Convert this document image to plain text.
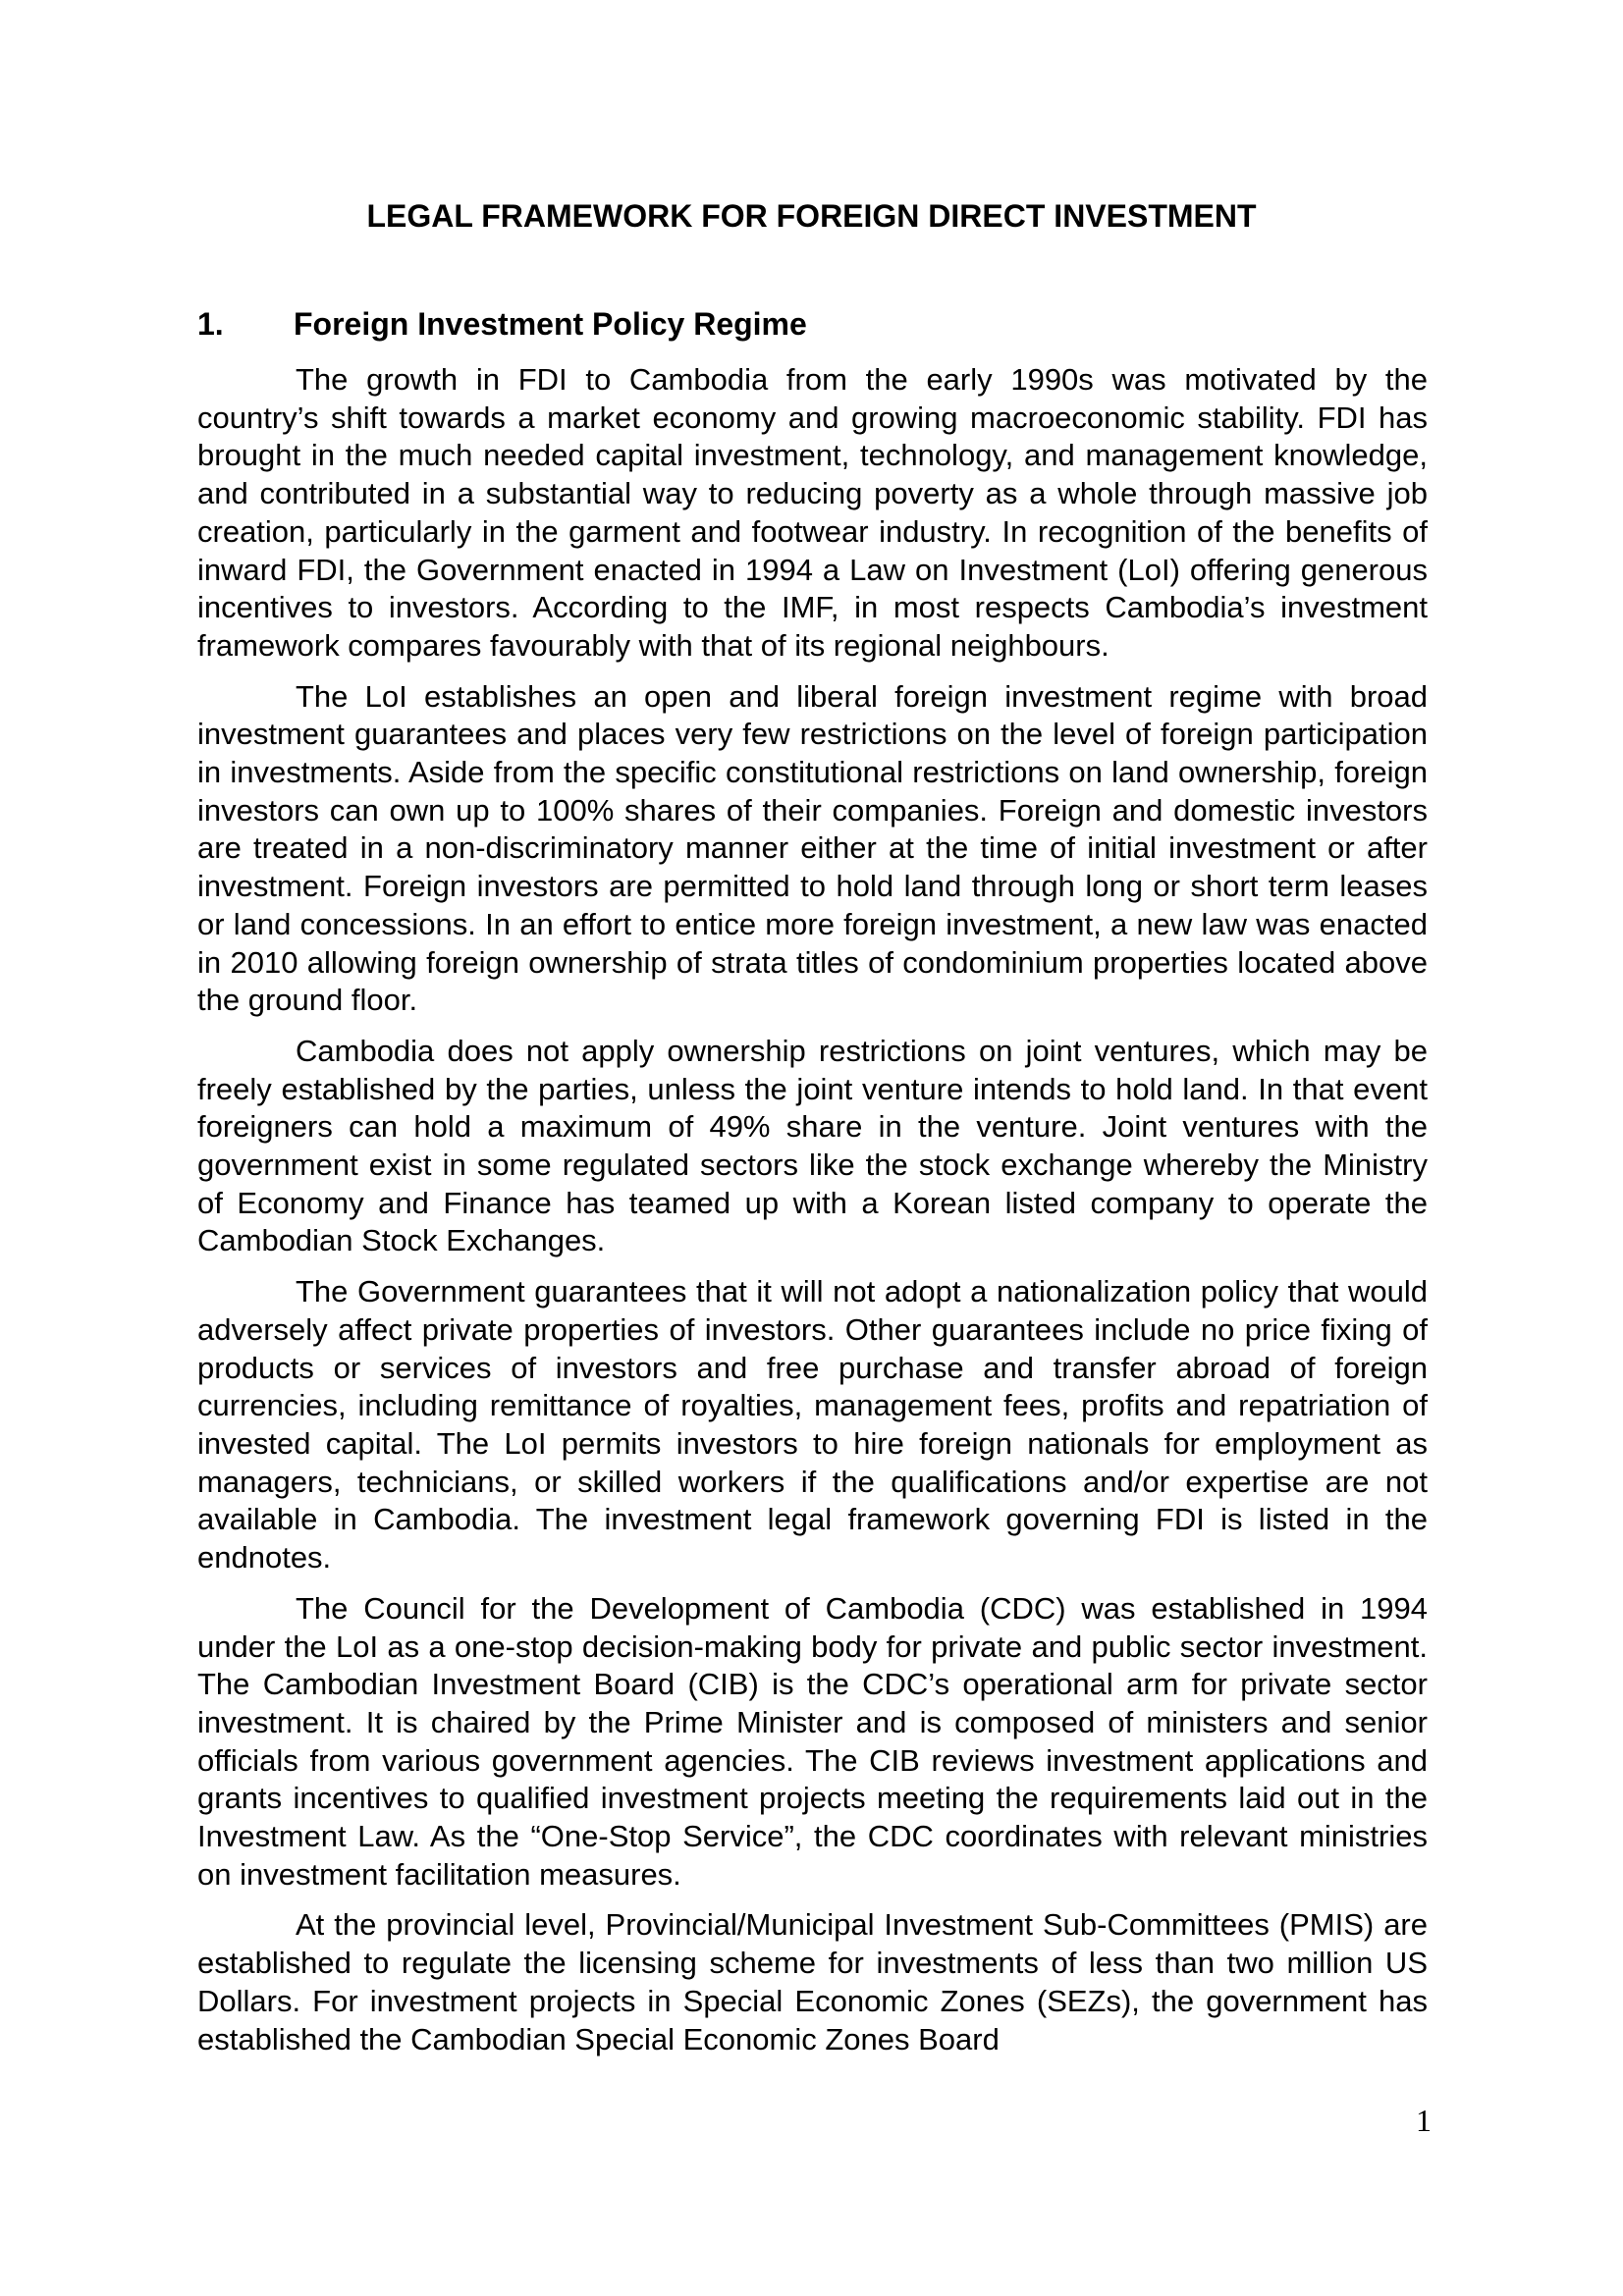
LEGAL FRAMEWORK FOR FOREIGN DIRECT INVESTMENT
1. Foreign Investment Policy Regime

The growth in FDI to Cambodia from the early 1990s was motivated by the country’s shift towards a market economy and growing macroeconomic stability. FDI has brought in the much needed capital investment, technology, and management knowledge, and contributed in a substantial way to reducing poverty as a whole through massive job creation, particularly in the garment and footwear industry. In recognition of the benefits of inward FDI, the Government enacted in 1994 a Law on Investment (LoI) offering generous incentives to investors. According to the IMF, in most respects Cambodia’s investment framework compares favourably with that of its regional neighbours.

The LoI establishes an open and liberal foreign investment regime with broad investment guarantees and places very few restrictions on the level of foreign participation in investments. Aside from the specific constitutional restrictions on land ownership, foreign investors can own up to 100% shares of their companies. Foreign and domestic investors are treated in a non-discriminatory manner either at the time of initial investment or after investment. Foreign investors are permitted to hold land through long or short term leases or land concessions. In an effort to entice more foreign investment, a new law was enacted in 2010 allowing foreign ownership of strata titles of condominium properties located above the ground floor.

Cambodia does not apply ownership restrictions on joint ventures, which may be freely established by the parties, unless the joint venture intends to hold land. In that event foreigners can hold a maximum of 49% share in the venture. Joint ventures with the government exist in some regulated sectors like the stock exchange whereby the Ministry of Economy and Finance has teamed up with a Korean listed company to operate the Cambodian Stock Exchanges.

The Government guarantees that it will not adopt a nationalization policy that would adversely affect private properties of investors. Other guarantees include no price fixing of products or services of investors and free purchase and transfer abroad of foreign currencies, including remittance of royalties, management fees, profits and repatriation of invested capital. The LoI permits investors to hire foreign nationals for employment as managers, technicians, or skilled workers if the qualifications and/or expertise are not available in Cambodia. The investment legal framework governing FDI is listed in the endnotes.

The Council for the Development of Cambodia (CDC) was established in 1994 under the LoI as a one-stop decision-making body for private and public sector investment. The Cambodian Investment Board (CIB) is the CDC’s operational arm for private sector investment. It is chaired by the Prime Minister and is composed of ministers and senior officials from various government agencies. The CIB reviews investment applications and grants incentives to qualified investment projects meeting the requirements laid out in the Investment Law. As the “One-Stop Service”, the CDC coordinates with relevant ministries on investment facilitation measures.

At the provincial level, Provincial/Municipal Investment Sub-Committees (PMIS) are established to regulate the licensing scheme for investments of less than two million US Dollars. For investment projects in Special Economic Zones (SEZs), the government has established the Cambodian Special Economic Zones Board

1
